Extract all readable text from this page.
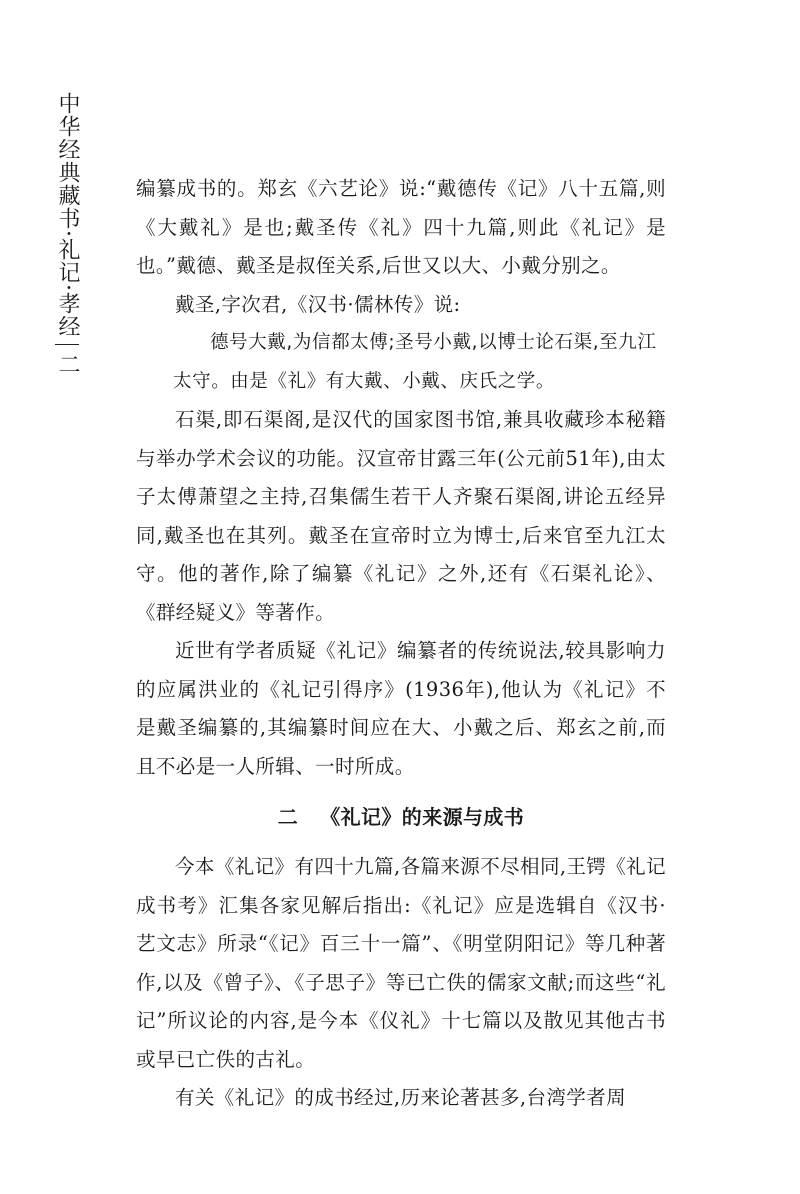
中华经典藏书·礼记·孝经
二

编纂成书的。郑玄《六艺论》说:“戴德传《记》八十五篇,则《大戴礼》是也;戴圣传《礼》四十九篇,则此《礼记》是也。”戴德、戴圣是叔侄关系,后世又以大、小戴分别之。

戴圣,字次君,《汉书·儒林传》说:

德号大戴,为信都太傅;圣号小戴,以博士论石渠,至九江太守。由是《礼》有大戴、小戴、庆氏之学。

石渠,即石渠阁,是汉代的国家图书馆,兼具收藏珍本秘籍与举办学术会议的功能。汉宣帝甘露三年(公元前51年),由太子太傅萧望之主持,召集儒生若干人齐聚石渠阁,讲论五经异同,戴圣也在其列。戴圣在宣帝时立为博士,后来官至九江太守。他的著作,除了编纂《礼记》之外,还有《石渠礼论》、《群经疑义》等著作。

近世有学者质疑《礼记》编纂者的传统说法,较具影响力的应属洪业的《礼记引得序》(1936年),他认为《礼记》不是戴圣编纂的,其编纂时间应在大、小戴之后、郑玄之前,而且不必是一人所辑、一时所成。

二 《礼记》的来源与成书

今本《礼记》有四十九篇,各篇来源不尽相同,王锷《礼记成书考》汇集各家见解后指出:《礼记》应是选辑自《汉书·艺文志》所录“《记》百三十一篇”、《明堂阴阳记》等几种著作,以及《曾子》、《子思子》等已亡佚的儒家文献;而这些“礼记”所议论的内容,是今本《仪礼》十七篇以及散见其他古书或早已亡佚的古礼。

有关《礼记》的成书经过,历来论著甚多,台湾学者周
